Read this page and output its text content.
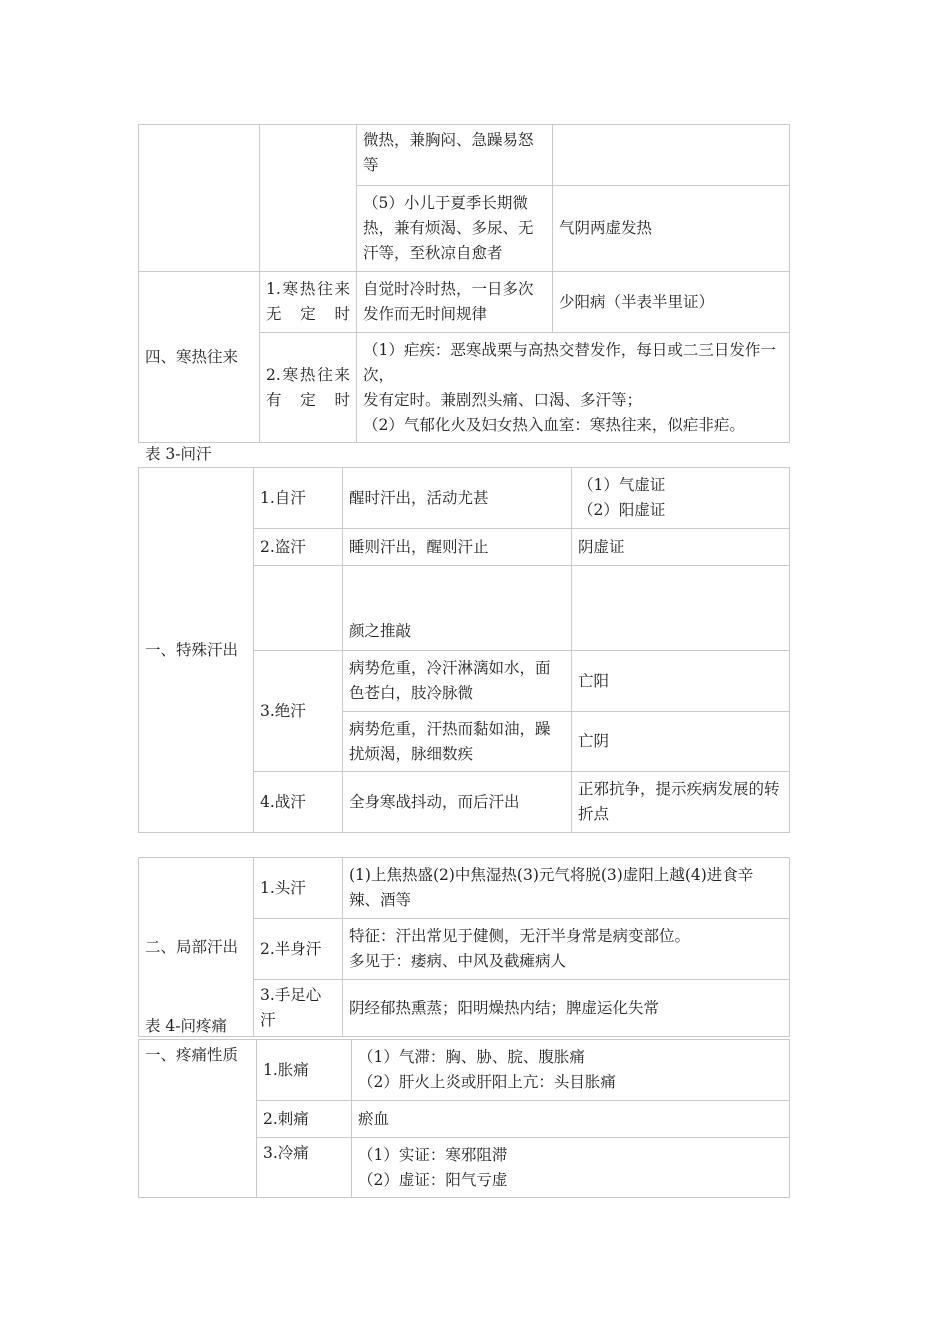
		微热，兼胸闷、急躁易怒等	
		（5）小儿于夏季长期微热，兼有烦渴、多尿、无汗等，至秋凉自愈者	气阴两虚发热
四、寒热往来	1.寒热往来无定时	自觉时冷时热，一日多次发作而无时间规律	少阳病（半表半里证）
	2.寒热往来有定时	（1）疟疾：恶寒战栗与高热交替发作，每日或二三日发作一次，
发有定时。兼剧烈头痛、口渴、多汗等；
（2）气郁化火及妇女热入血室：寒热往来，似疟非疟。	
表 3-问汗
一、特殊汗出	1.自汗	醒时汗出，活动尤甚	（1）气虚证
（2）阳虚证
	2.盗汗	睡则汗出，醒则汗止	阴虚证
		颜之推敲	
	3.绝汗	病势危重，冷汗淋漓如水，面色苍白，肢冷脉微	亡阳
		病势危重，汗热而黏如油，躁扰烦渴，脉细数疾	亡阴
	4.战汗	全身寒战抖动，而后汗出	正邪抗争，提示疾病发展的转折点
二、局部汗出	1.头汗	(1)上焦热盛(2)中焦湿热(3)元气将脱(3)虚阳上越(4)进食辛辣、酒等
	2.半身汗	特征：汗出常见于健侧，无汗半身常是病变部位。
多见于：痿病、中风及截瘫病人
	3.手足心汗	阴经郁热熏蒸；阳明燥热内结；脾虚运化失常
表 4-问疼痛
一、疼痛性质	1.胀痛	（1）气滞：胸、胁、脘、腹胀痛
（2）肝火上炎或肝阳上亢：头目胀痛
	2.刺痛	瘀血
	3.冷痛	（1）实证：寒邪阻滞
（2）虚证：阳气亏虚
